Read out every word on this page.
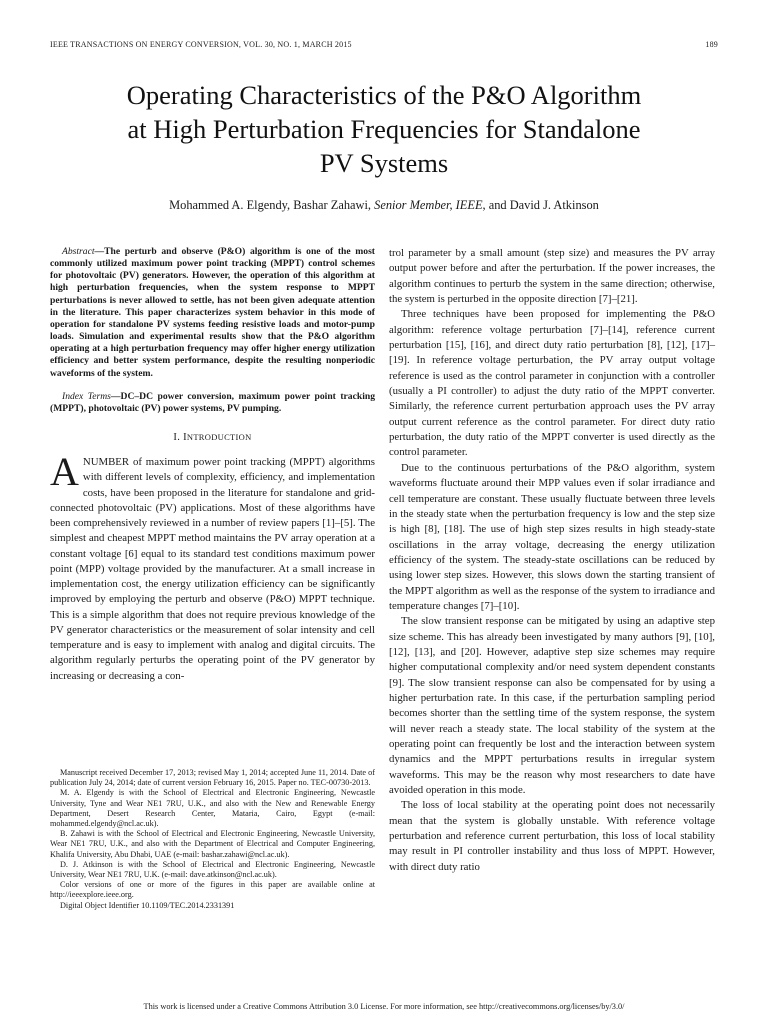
IEEE TRANSACTIONS ON ENERGY CONVERSION, VOL. 30, NO. 1, MARCH 2015	189
Operating Characteristics of the P&O Algorithm
at High Perturbation Frequencies for Standalone
PV Systems
Mohammed A. Elgendy, Bashar Zahawi, Senior Member, IEEE, and David J. Atkinson

Abstract—The perturb and observe (P&O) algorithm is one of the most commonly utilized maximum power point tracking (MPPT) control schemes for photovoltaic (PV) generators. However, the operation of this algorithm at high perturbation frequencies, when the system response to MPPT perturbations is never allowed to settle, has not been given adequate attention in the literature. This paper characterizes system behavior in this mode of operation for standalone PV systems feeding resistive loads and motor-pump loads. Simulation and experimental results show that the P&O algorithm operating at a high perturbation frequency may offer higher energy utilization efficiency and better system performance, despite the resulting nonperiodic waveforms of the system.

Index Terms—DC–DC power conversion, maximum power point tracking (MPPT), photovoltaic (PV) power systems, PV pumping.

I. INTRODUCTION

ANUMBER of maximum power point tracking (MPPT) algorithms with different levels of complexity, efficiency, and implementation costs, have been proposed in the literature for standalone and grid-connected photovoltaic (PV) applications. Most of these algorithms have been comprehensively reviewed in a number of review papers [1]–[5]. The simplest and cheapest MPPT method maintains the PV array operation at a constant voltage [6] equal to its standard test conditions maximum power point (MPP) voltage provided by the manufacturer. At a small increase in implementation cost, the energy utilization efficiency can be significantly improved by employing the perturb and observe (P&O) MPPT technique. This is a simple algorithm that does not require previous knowledge of the PV generator characteristics or the measurement of solar intensity and cell temperature and is easy to implement with analog and digital circuits. The algorithm regularly perturbs the operating point of the PV generator by increasing or decreasing a con-

Manuscript received December 17, 2013; revised May 1, 2014; accepted June 11, 2014. Date of publication July 24, 2014; date of current version February 16, 2015. Paper no. TEC-00730-2013.

M. A. Elgendy is with the School of Electrical and Electronic Engineering, Newcastle University, Tyne and Wear NE1 7RU, U.K., and also with the New and Renewable Energy Department, Desert Research Center, Mataria, Cairo, Egypt (e-mail: mohammed.elgendy@ncl.ac.uk).

B. Zahawi is with the School of Electrical and Electronic Engineering, Newcastle University, Wear NE1 7RU, U.K., and also with the Department of Electrical and Computer Engineering, Khalifa University, Abu Dhabi, UAE (e-mail: bashar.zahawi@ncl.ac.uk).

D. J. Atkinson is with the School of Electrical and Electronic Engineering, Newcastle University, Wear NE1 7RU, U.K. (e-mail: dave.atkinson@ncl.ac.uk).

Color versions of one or more of the figures in this paper are available online at http://ieeexplore.ieee.org.

Digital Object Identifier 10.1109/TEC.2014.2331391

trol parameter by a small amount (step size) and measures the PV array output power before and after the perturbation. If the power increases, the algorithm continues to perturb the system in the same direction; otherwise, the system is perturbed in the opposite direction [7]–[21].

Three techniques have been proposed for implementing the P&O algorithm: reference voltage perturbation [7]–[14], reference current perturbation [15], [16], and direct duty ratio perturbation [8], [12], [17]–[19]. In reference voltage perturbation, the PV array output voltage reference is used as the control parameter in conjunction with a controller (usually a PI controller) to adjust the duty ratio of the MPPT converter. Similarly, the reference current perturbation approach uses the PV array output current reference as the control parameter. For direct duty ratio perturbation, the duty ratio of the MPPT converter is used directly as the control parameter.

Due to the continuous perturbations of the P&O algorithm, system waveforms fluctuate around their MPP values even if solar irradiance and cell temperature are constant. These usually fluctuate between three levels in the steady state when the perturbation frequency is low and the step size is high [8], [18]. The use of high step sizes results in high steady-state oscillations in the array voltage, decreasing the energy utilization efficiency of the system. The steady-state oscillations can be reduced by using lower step sizes. However, this slows down the starting transient of the MPPT algorithm as well as the response of the system to irradiance and temperature changes [7]–[10].

The slow transient response can be mitigated by using an adaptive step size scheme. This has already been investigated by many authors [9], [10], [12], [13], and [20]. However, adaptive step size schemes may require higher computational complexity and/or need system dependent constants [9]. The slow transient response can also be compensated for by using a higher perturbation rate. In this case, if the perturbation sampling period becomes shorter than the settling time of the system response, the system will never reach a steady state. The local stability of the system at the operating point can frequently be lost and the interaction between system dynamics and the MPPT perturbations results in irregular system waveforms. This may be the reason why most researchers to date have avoided operation in this mode.

The loss of local stability at the operating point does not necessarily mean that the system is globally unstable. With reference voltage perturbation and reference current perturbation, this loss of local stability may result in PI controller instability and thus loss of MPPT. However, with direct duty ratio

This work is licensed under a Creative Commons Attribution 3.0 License. For more information, see http://creativecommons.org/licenses/by/3.0/
